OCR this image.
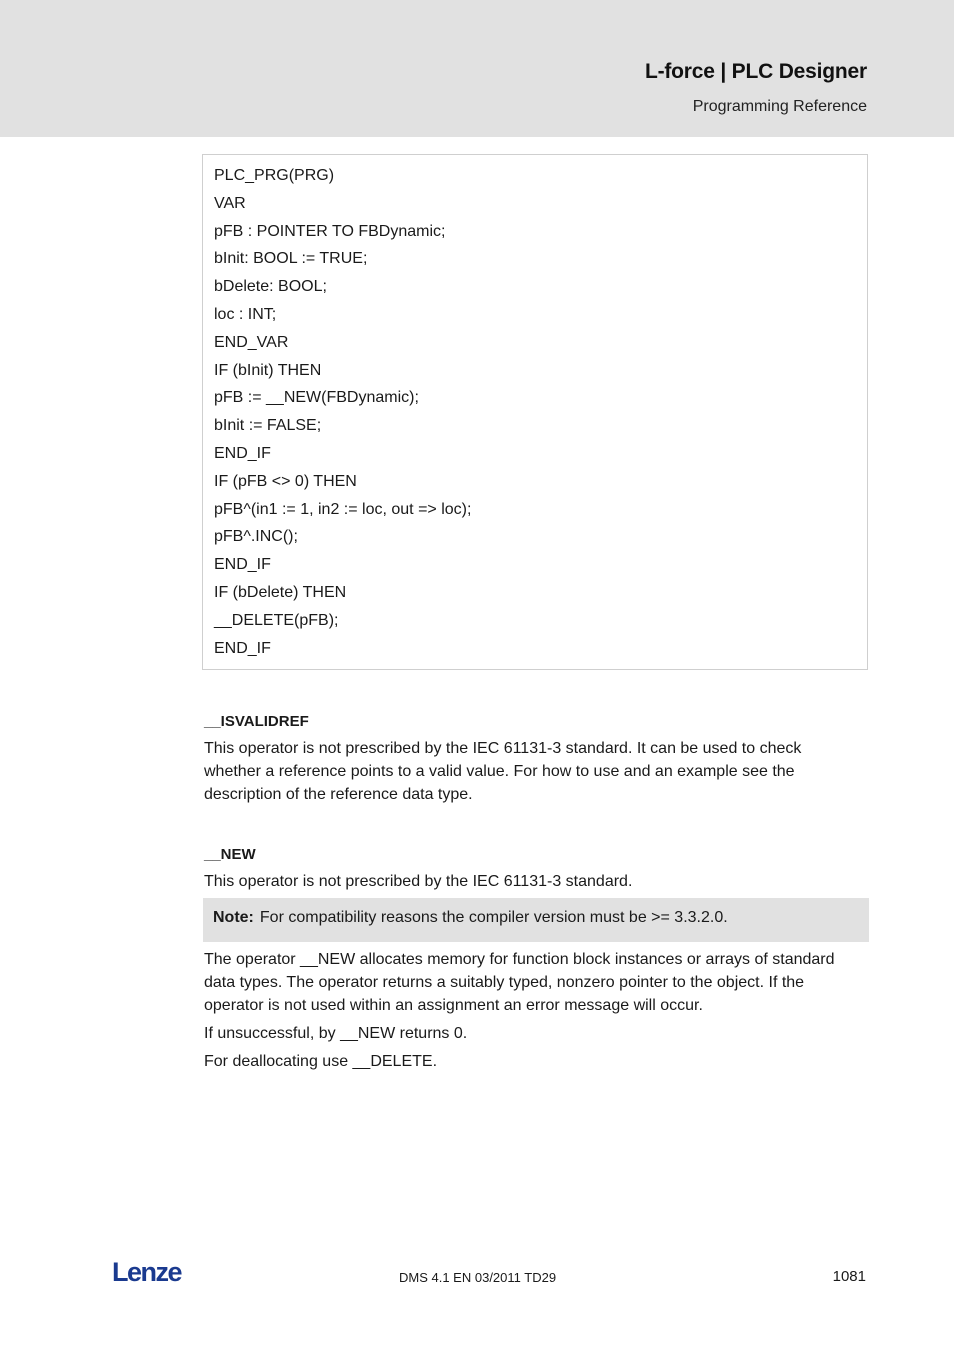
L-force | PLC Designer
Programming Reference
PLC_PRG(PRG)
VAR
pFB : POINTER TO FBDynamic;
bInit: BOOL := TRUE;
bDelete: BOOL;
loc : INT;
END_VAR
IF (bInit) THEN
pFB := __NEW(FBDynamic);
bInit := FALSE;
END_IF
IF (pFB <> 0) THEN
pFB^(in1 := 1, in2 := loc, out => loc);
pFB^.INC();
END_IF
IF (bDelete) THEN
__DELETE(pFB);
END_IF
__ISVALIDREF
This operator is not prescribed by the IEC 61131-3 standard. It can be used to check whether a reference points to a valid value. For how to use and an example see the description of the reference data type.
__NEW
This operator is not prescribed by the IEC 61131-3 standard.
Note: For compatibility reasons the compiler version must be >= 3.3.2.0.
The operator __NEW allocates memory for function block instances or arrays of standard data types. The operator returns a suitably typed, nonzero pointer to the object. If the operator is not used within an assignment an error message will occur.
If unsuccessful, by __NEW returns 0.
For deallocating use __DELETE.
Lenze	DMS 4.1 EN 03/2011 TD29	1081
